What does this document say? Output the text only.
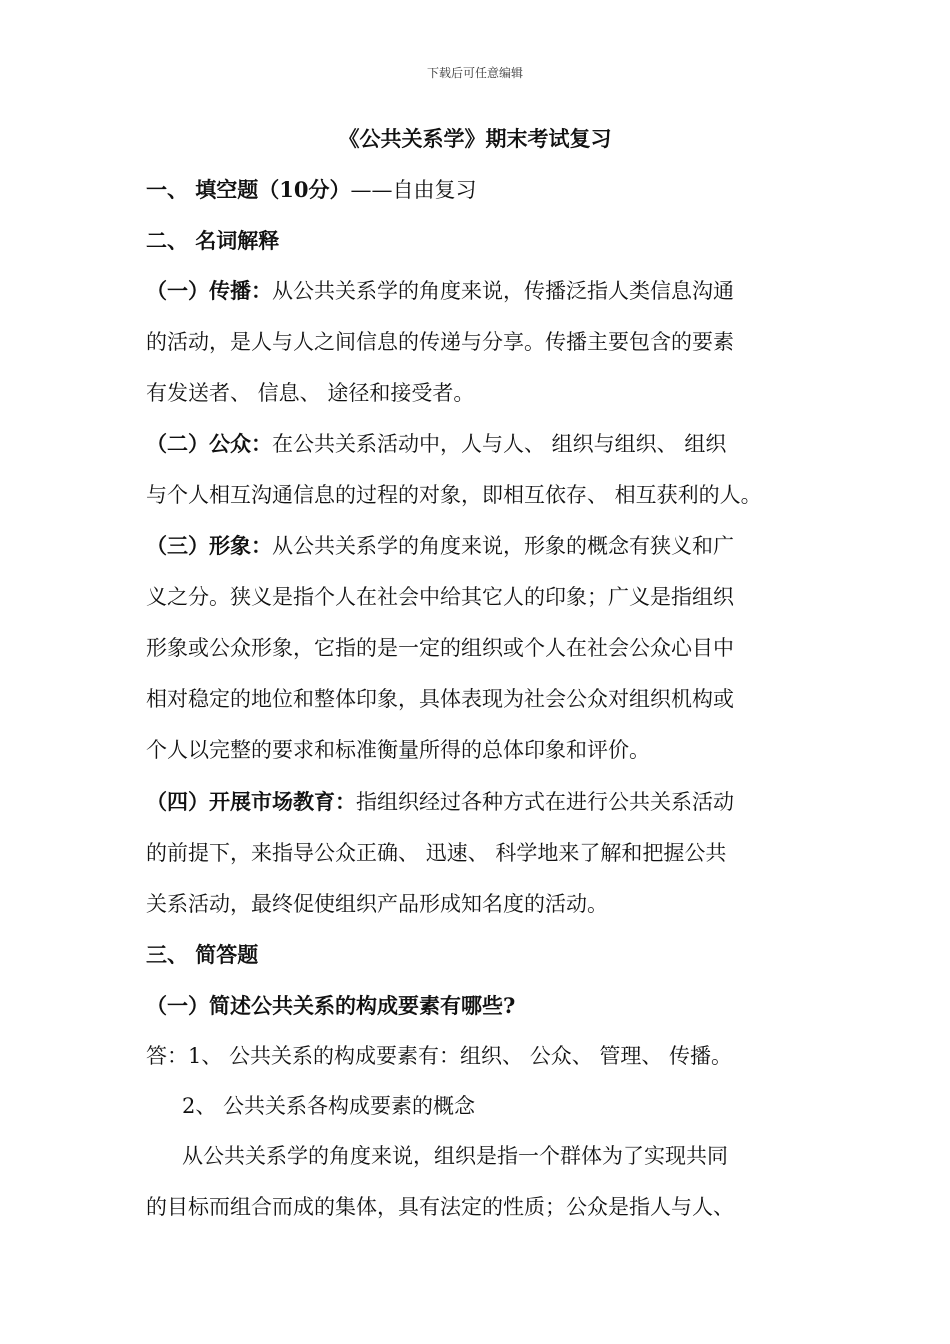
下载后可任意编辑
《公共关系学》期末考试复习
一、 填空题（10分）——自由复习
二、 名词解释
（一）传播：从公共关系学的角度来说，传播泛指人类信息沟通
的活动，是人与人之间信息的传递与分享。传播主要包含的要素
有发送者、 信息、 途径和接受者。
（二）公众：在公共关系活动中，人与人、 组织与组织、 组织
与个人相互沟通信息的过程的对象，即相互依存、 相互获利的人。
（三）形象：从公共关系学的角度来说，形象的概念有狭义和广
义之分。狭义是指个人在社会中给其它人的印象；广义是指组织
形象或公众形象，它指的是一定的组织或个人在社会公众心目中
相对稳定的地位和整体印象，具体表现为社会公众对组织机构或
个人以完整的要求和标准衡量所得的总体印象和评价。
（四）开展市场教育：指组织经过各种方式在进行公共关系活动
的前提下，来指导公众正确、 迅速、 科学地来了解和把握公共
关系活动，最终促使组织产品形成知名度的活动。
三、 简答题
（一）简述公共关系的构成要素有哪些?
答：1、 公共关系的构成要素有：组织、 公众、 管理、 传播。
2、 公共关系各构成要素的概念
从公共关系学的角度来说，组织是指一个群体为了实现共同
的目标而组合而成的集体，具有法定的性质；公众是指人与人、
